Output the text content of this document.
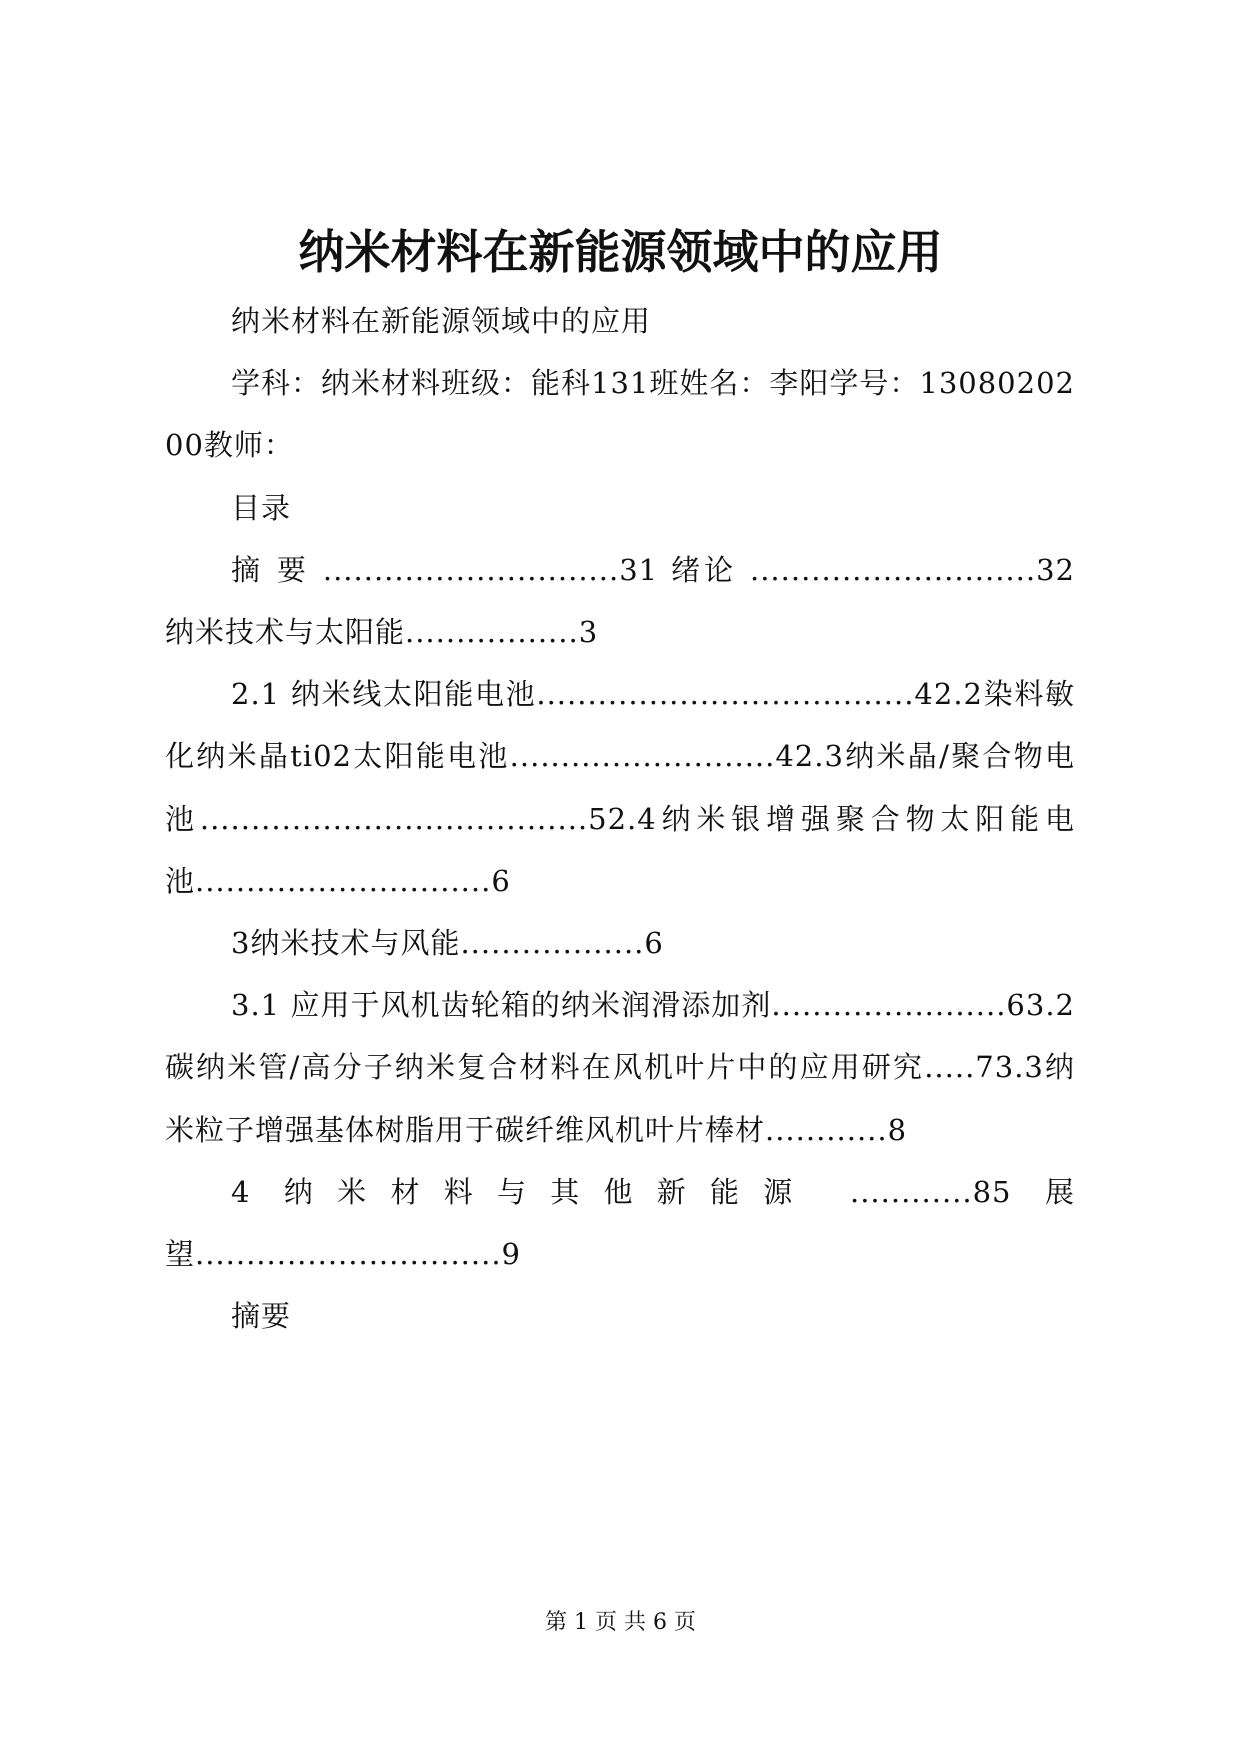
纳米材料在新能源领域中的应用

纳米材料在新能源领域中的应用

学科：纳米材料班级：能科131班姓名：李阳学号：1308020200教师：

目录

摘 要 .............................31 绪论 ............................32 纳米技术与太阳能.................3

2.1 纳米线太阳能电池.....................................42.2染料敏化纳米晶ti02太阳能电池..........................42.3纳米晶/聚合物电池......................................52.4纳米银增强聚合物太阳能电池.............................6

3纳米技术与风能..................6

3.1 应用于风机齿轮箱的纳米润滑添加剂.......................63.2碳纳米管/高分子纳米复合材料在风机叶片中的应用研究.....73.3纳米粒子增强基体树脂用于碳纤维风机叶片棒材............8

4 纳米材料与其他新能源 ............85 展望..............................9

摘要

第 1 页 共 6 页
